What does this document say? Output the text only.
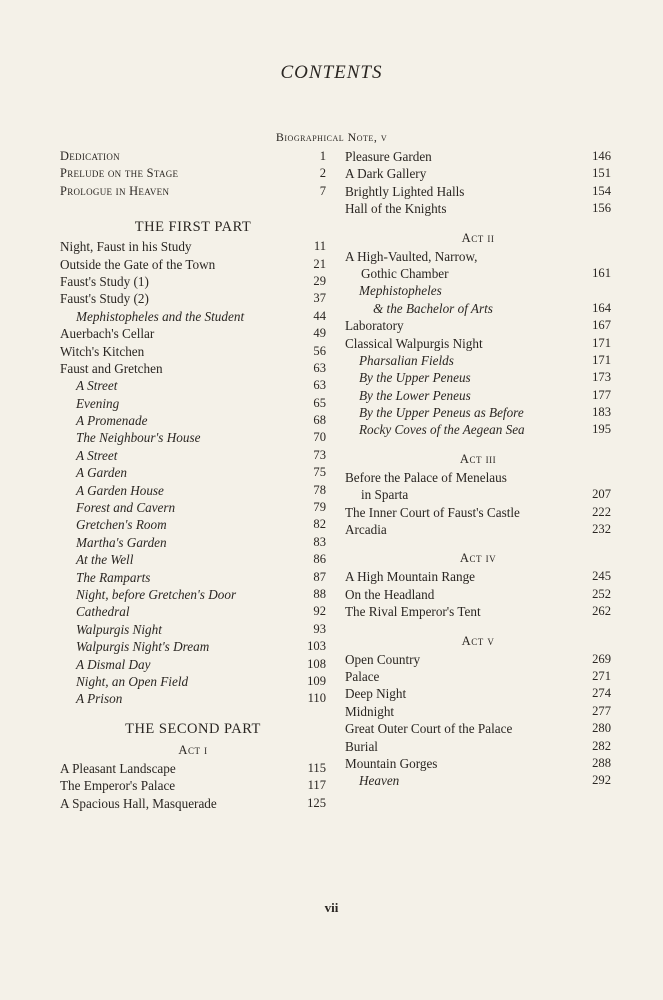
CONTENTS
Biographical Note, v
Dedication	1
Prelude on the Stage	2
Prologue in Heaven	7
THE FIRST PART
Night, Faust in his Study	11
Outside the Gate of the Town	21
Faust's Study (1)	29
Faust's Study (2)	37
Mephistopheles and the Student	44
Auerbach's Cellar	49
Witch's Kitchen	56
Faust and Gretchen	63
A Street	63
Evening	65
A Promenade	68
The Neighbour's House	70
A Street	73
A Garden	75
A Garden House	78
Forest and Cavern	79
Gretchen's Room	82
Martha's Garden	83
At the Well	86
The Ramparts	87
Night, before Gretchen's Door	88
Cathedral	92
Walpurgis Night	93
Walpurgis Night's Dream	103
A Dismal Day	108
Night, an Open Field	109
A Prison	110
THE SECOND PART
Act i
A Pleasant Landscape	115
The Emperor's Palace	117
A Spacious Hall, Masquerade	125
Pleasure Garden	146
A Dark Gallery	151
Brightly Lighted Halls	154
Hall of the Knights	156
Act ii
A High-Vaulted, Narrow,
Gothic Chamber	161
Mephistopheles
& the Bachelor of Arts	164
Laboratory	167
Classical Walpurgis Night	171
Pharsalian Fields	171
By the Upper Peneus	173
By the Lower Peneus	177
By the Upper Peneus as Before	183
Rocky Coves of the Aegean Sea	195
Act iii
Before the Palace of Menelaus
in Sparta	207
The Inner Court of Faust's Castle	222
Arcadia	232
Act iv
A High Mountain Range	245
On the Headland	252
The Rival Emperor's Tent	262
Act v
Open Country	269
Palace	271
Deep Night	274
Midnight	277
Great Outer Court of the Palace	280
Burial	282
Mountain Gorges	288
Heaven	292
vii
